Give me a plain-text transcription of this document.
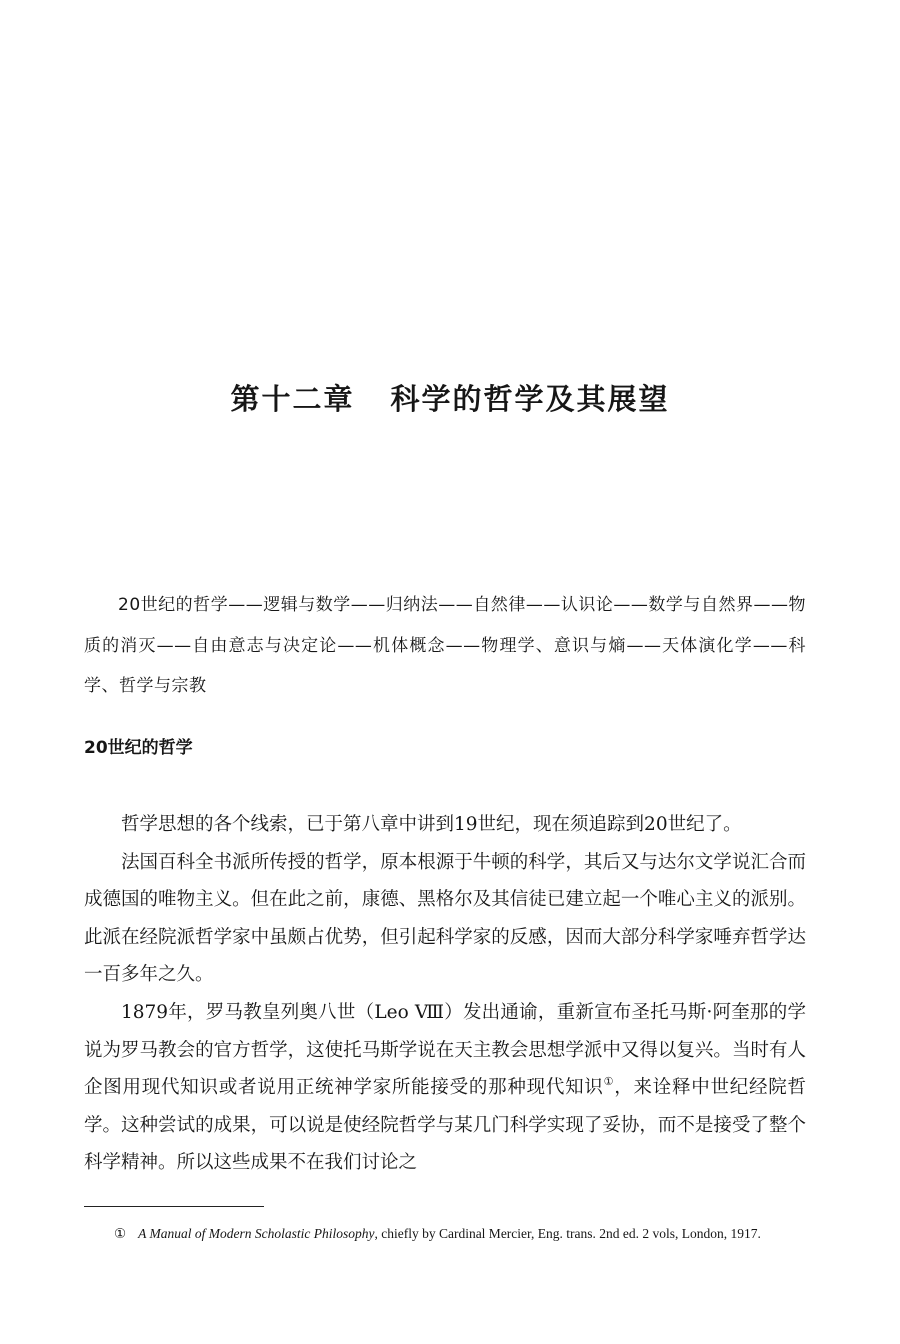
第十二章 科学的哲学及其展望

20世纪的哲学——逻辑与数学——归纳法——自然律——认识论——数学与自然界——物质的消灭——自由意志与决定论——机体概念——物理学、意识与熵——天体演化学——科学、哲学与宗教

20世纪的哲学

哲学思想的各个线索，已于第八章中讲到19世纪，现在须追踪到20世纪了。

法国百科全书派所传授的哲学，原本根源于牛顿的科学，其后又与达尔文学说汇合而成德国的唯物主义。但在此之前，康德、黑格尔及其信徒已建立起一个唯心主义的派别。此派在经院派哲学家中虽颇占优势，但引起科学家的反感，因而大部分科学家唾弃哲学达一百多年之久。

1879年，罗马教皇列奥八世（Leo Ⅷ）发出通谕，重新宣布圣托马斯·阿奎那的学说为罗马教会的官方哲学，这使托马斯学说在天主教会思想学派中又得以复兴。当时有人企图用现代知识或者说用正统神学家所能接受的那种现代知识①，来诠释中世纪经院哲学。这种尝试的成果，可以说是使经院哲学与某几门科学实现了妥协，而不是接受了整个科学精神。所以这些成果不在我们讨论之

① A Manual of Modern Scholastic Philosophy, chiefly by Cardinal Mercier, Eng. trans. 2nd ed. 2 vols, London, 1917.
